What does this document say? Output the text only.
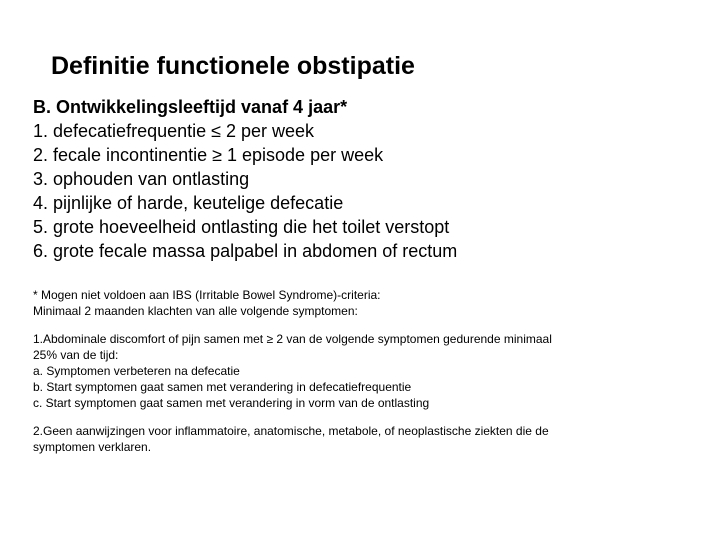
Definitie functionele obstipatie
B. Ontwikkelingsleeftijd vanaf 4 jaar*
1. defecatiefrequentie ≤ 2 per week
2. fecale incontinentie ≥ 1 episode per week
3. ophouden van ontlasting
4. pijnlijke of harde, keutelige defecatie
5. grote hoeveelheid ontlasting die het toilet verstopt
6. grote fecale massa palpabel in abdomen of rectum
* Mogen niet voldoen aan IBS (Irritable Bowel Syndrome)-criteria:
Minimaal 2 maanden klachten van alle volgende symptomen:
1.Abdominale discomfort of pijn samen met ≥ 2 van de volgende symptomen gedurende minimaal
25% van de tijd:
a. Symptomen verbeteren na defecatie
b. Start symptomen gaat samen met verandering in defecatiefrequentie
c. Start symptomen gaat samen met verandering in vorm van de ontlasting
2.Geen aanwijzingen voor inflammatoire, anatomische, metabole, of neoplastische ziekten die de
symptomen verklaren.
